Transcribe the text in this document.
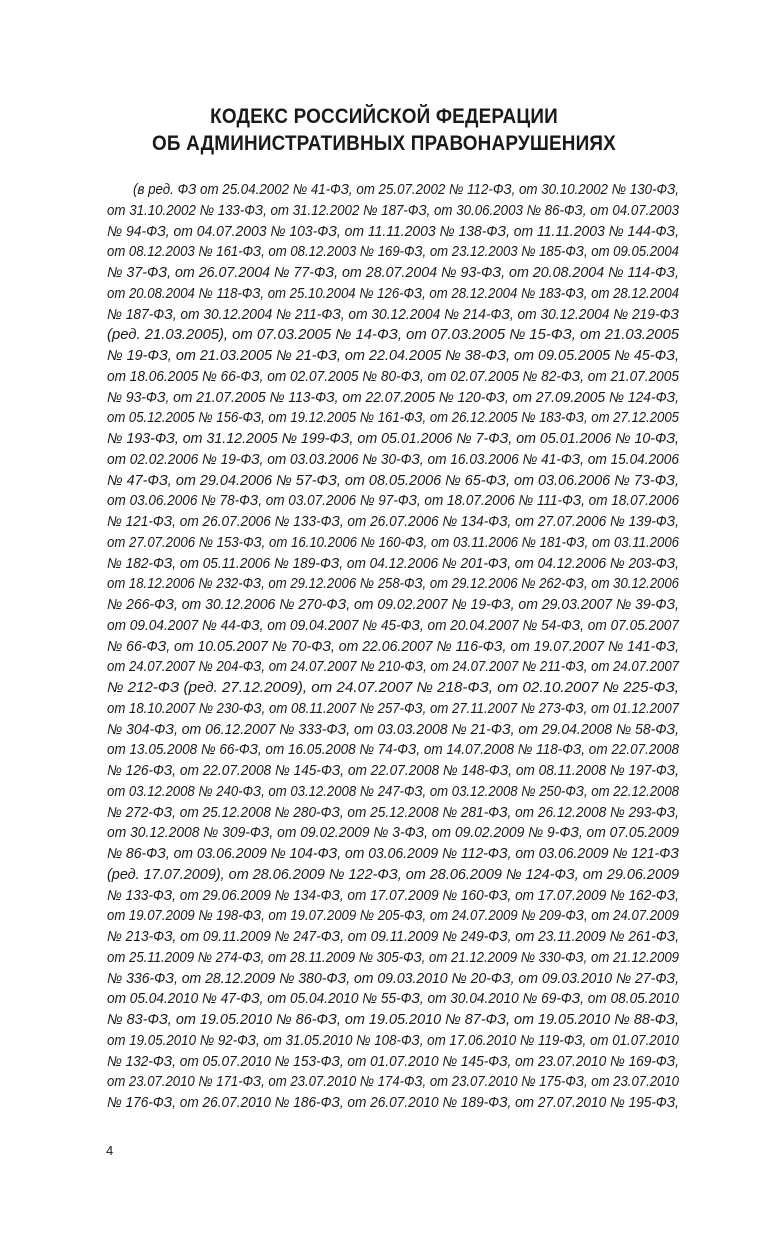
КОДЕКС РОССИЙСКОЙ ФЕДЕРАЦИИ
ОБ АДМИНИСТРАТИВНЫХ ПРАВОНАРУШЕНИЯХ
(в ред. ФЗ от 25.04.2002 № 41-ФЗ, от 25.07.2002 № 112-ФЗ, от 30.10.2002 № 130-ФЗ,
от 31.10.2002 № 133-ФЗ, от 31.12.2002 № 187-ФЗ, от 30.06.2003 № 86-ФЗ, от 04.07.2003
№ 94-ФЗ, от 04.07.2003 № 103-ФЗ, от 11.11.2003 № 138-ФЗ, от 11.11.2003 № 144-ФЗ,
от 08.12.2003 № 161-ФЗ, от 08.12.2003 № 169-ФЗ, от 23.12.2003 № 185-ФЗ, от 09.05.2004
№ 37-ФЗ, от 26.07.2004 № 77-ФЗ, от 28.07.2004 № 93-ФЗ, от 20.08.2004 № 114-ФЗ,
от 20.08.2004 № 118-ФЗ, от 25.10.2004 № 126-ФЗ, от 28.12.2004 № 183-ФЗ, от 28.12.2004
№ 187-ФЗ, от 30.12.2004 № 211-ФЗ, от 30.12.2004 № 214-ФЗ, от 30.12.2004 № 219-ФЗ
(ред. 21.03.2005), от 07.03.2005 № 14-ФЗ, от 07.03.2005 № 15-ФЗ, от 21.03.2005
№ 19-ФЗ, от 21.03.2005 № 21-ФЗ, от 22.04.2005 № 38-ФЗ, от 09.05.2005 № 45-ФЗ,
от 18.06.2005 № 66-ФЗ, от 02.07.2005 № 80-ФЗ, от 02.07.2005 № 82-ФЗ, от 21.07.2005
№ 93-ФЗ, от 21.07.2005 № 113-ФЗ, от 22.07.2005 № 120-ФЗ, от 27.09.2005 № 124-ФЗ,
от 05.12.2005 № 156-ФЗ, от 19.12.2005 № 161-ФЗ, от 26.12.2005 № 183-ФЗ, от 27.12.2005
№ 193-ФЗ, от 31.12.2005 № 199-ФЗ, от 05.01.2006 № 7-ФЗ, от 05.01.2006 № 10-ФЗ,
от 02.02.2006 № 19-ФЗ, от 03.03.2006 № 30-ФЗ, от 16.03.2006 № 41-ФЗ, от 15.04.2006
№ 47-ФЗ, от 29.04.2006 № 57-ФЗ, от 08.05.2006 № 65-ФЗ, от 03.06.2006 № 73-ФЗ,
от 03.06.2006 № 78-ФЗ, от 03.07.2006 № 97-ФЗ, от 18.07.2006 № 111-ФЗ, от 18.07.2006
№ 121-ФЗ, от 26.07.2006 № 133-ФЗ, от 26.07.2006 № 134-ФЗ, от 27.07.2006 № 139-ФЗ,
от 27.07.2006 № 153-ФЗ, от 16.10.2006 № 160-ФЗ, от 03.11.2006 № 181-ФЗ, от 03.11.2006
№ 182-ФЗ, от 05.11.2006 № 189-ФЗ, от 04.12.2006 № 201-ФЗ, от 04.12.2006 № 203-ФЗ,
от 18.12.2006 № 232-ФЗ, от 29.12.2006 № 258-ФЗ, от 29.12.2006 № 262-ФЗ, от 30.12.2006
№ 266-ФЗ, от 30.12.2006 № 270-ФЗ, от 09.02.2007 № 19-ФЗ, от 29.03.2007 № 39-ФЗ,
от 09.04.2007 № 44-ФЗ, от 09.04.2007 № 45-ФЗ, от 20.04.2007 № 54-ФЗ, от 07.05.2007
№ 66-ФЗ, от 10.05.2007 № 70-ФЗ, от 22.06.2007 № 116-ФЗ, от 19.07.2007 № 141-ФЗ,
от 24.07.2007 № 204-ФЗ, от 24.07.2007 № 210-ФЗ, от 24.07.2007 № 211-ФЗ, от 24.07.2007
№ 212-ФЗ (ред. 27.12.2009), от 24.07.2007 № 218-ФЗ, от 02.10.2007 № 225-ФЗ,
от 18.10.2007 № 230-ФЗ, от 08.11.2007 № 257-ФЗ, от 27.11.2007 № 273-ФЗ, от 01.12.2007
№ 304-ФЗ, от 06.12.2007 № 333-ФЗ, от 03.03.2008 № 21-ФЗ, от 29.04.2008 № 58-ФЗ,
от 13.05.2008 № 66-ФЗ, от 16.05.2008 № 74-ФЗ, от 14.07.2008 № 118-ФЗ, от 22.07.2008
№ 126-ФЗ, от 22.07.2008 № 145-ФЗ, от 22.07.2008 № 148-ФЗ, от 08.11.2008 № 197-ФЗ,
от 03.12.2008 № 240-ФЗ, от 03.12.2008 № 247-ФЗ, от 03.12.2008 № 250-ФЗ, от 22.12.2008
№ 272-ФЗ, от 25.12.2008 № 280-ФЗ, от 25.12.2008 № 281-ФЗ, от 26.12.2008 № 293-ФЗ,
от 30.12.2008 № 309-ФЗ, от 09.02.2009 № 3-ФЗ, от 09.02.2009 № 9-ФЗ, от 07.05.2009
№ 86-ФЗ, от 03.06.2009 № 104-ФЗ, от 03.06.2009 № 112-ФЗ, от 03.06.2009 № 121-ФЗ
(ред. 17.07.2009), от 28.06.2009 № 122-ФЗ, от 28.06.2009 № 124-ФЗ, от 29.06.2009
№ 133-ФЗ, от 29.06.2009 № 134-ФЗ, от 17.07.2009 № 160-ФЗ, от 17.07.2009 № 162-ФЗ,
от 19.07.2009 № 198-ФЗ, от 19.07.2009 № 205-ФЗ, от 24.07.2009 № 209-ФЗ, от 24.07.2009
№ 213-ФЗ, от 09.11.2009 № 247-ФЗ, от 09.11.2009 № 249-ФЗ, от 23.11.2009 № 261-ФЗ,
от 25.11.2009 № 274-ФЗ, от 28.11.2009 № 305-ФЗ, от 21.12.2009 № 330-ФЗ, от 21.12.2009
№ 336-ФЗ, от 28.12.2009 № 380-ФЗ, от 09.03.2010 № 20-ФЗ, от 09.03.2010 № 27-ФЗ,
от 05.04.2010 № 47-ФЗ, от 05.04.2010 № 55-ФЗ, от 30.04.2010 № 69-ФЗ, от 08.05.2010
№ 83-ФЗ, от 19.05.2010 № 86-ФЗ, от 19.05.2010 № 87-ФЗ, от 19.05.2010 № 88-ФЗ,
от 19.05.2010 № 92-ФЗ, от 31.05.2010 № 108-ФЗ, от 17.06.2010 № 119-ФЗ, от 01.07.2010
№ 132-ФЗ, от 05.07.2010 № 153-ФЗ, от 01.07.2010 № 145-ФЗ, от 23.07.2010 № 169-ФЗ,
от 23.07.2010 № 171-ФЗ, от 23.07.2010 № 174-ФЗ, от 23.07.2010 № 175-ФЗ, от 23.07.2010
№ 176-ФЗ, от 26.07.2010 № 186-ФЗ, от 26.07.2010 № 189-ФЗ, от 27.07.2010 № 195-ФЗ,
4
